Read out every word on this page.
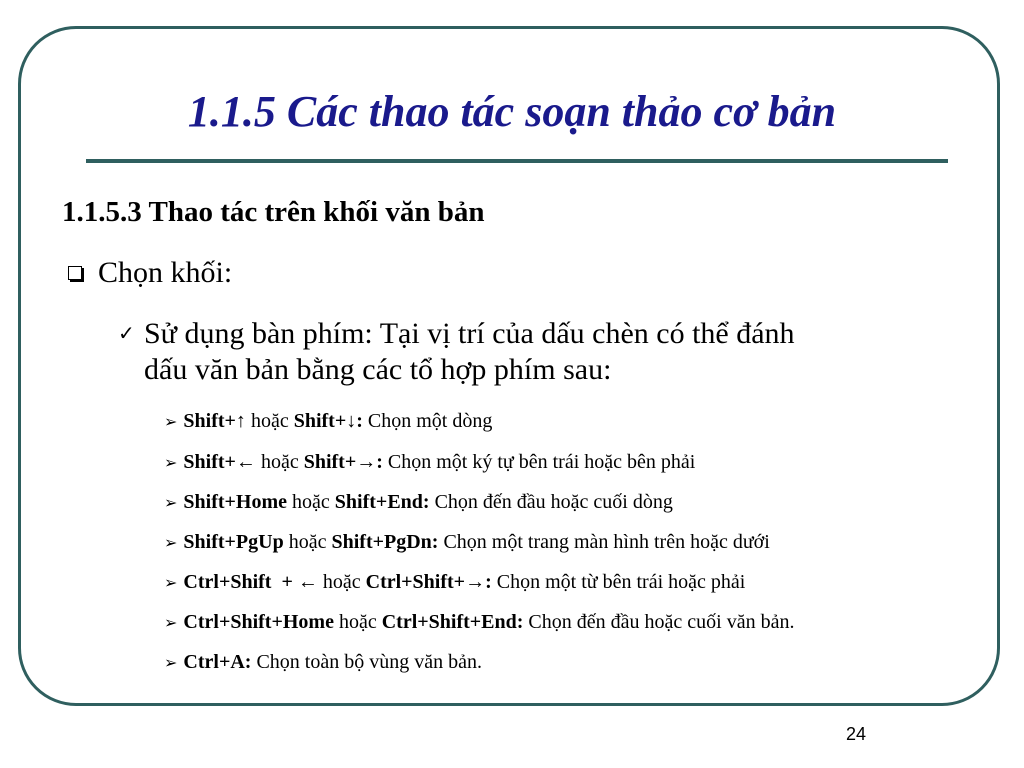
1.1.5 Các thao tác soạn thảo cơ bản
1.1.5.3 Thao tác trên khối văn bản
Chọn khối:
✓ Sử dụng bàn phím: Tại vị trí của dấu chèn có thể đánh
dấu văn bản bằng các tổ hợp phím sau:
➢ Shift+↑ hoặc Shift+↓: Chọn một dòng
➢ Shift+← hoặc Shift+→: Chọn một ký tự bên trái hoặc bên phải
➢ Shift+Home hoặc Shift+End: Chọn đến đầu hoặc cuối dòng
➢ Shift+PgUp hoặc Shift+PgDn: Chọn một trang màn hình trên hoặc dưới
➢ Ctrl+Shift  + ← hoặc Ctrl+Shift+→: Chọn một từ bên trái hoặc phải
➢ Ctrl+Shift+Home hoặc Ctrl+Shift+End: Chọn đến đầu hoặc cuối văn bản.
➢ Ctrl+A: Chọn toàn bộ vùng văn bản.
24
